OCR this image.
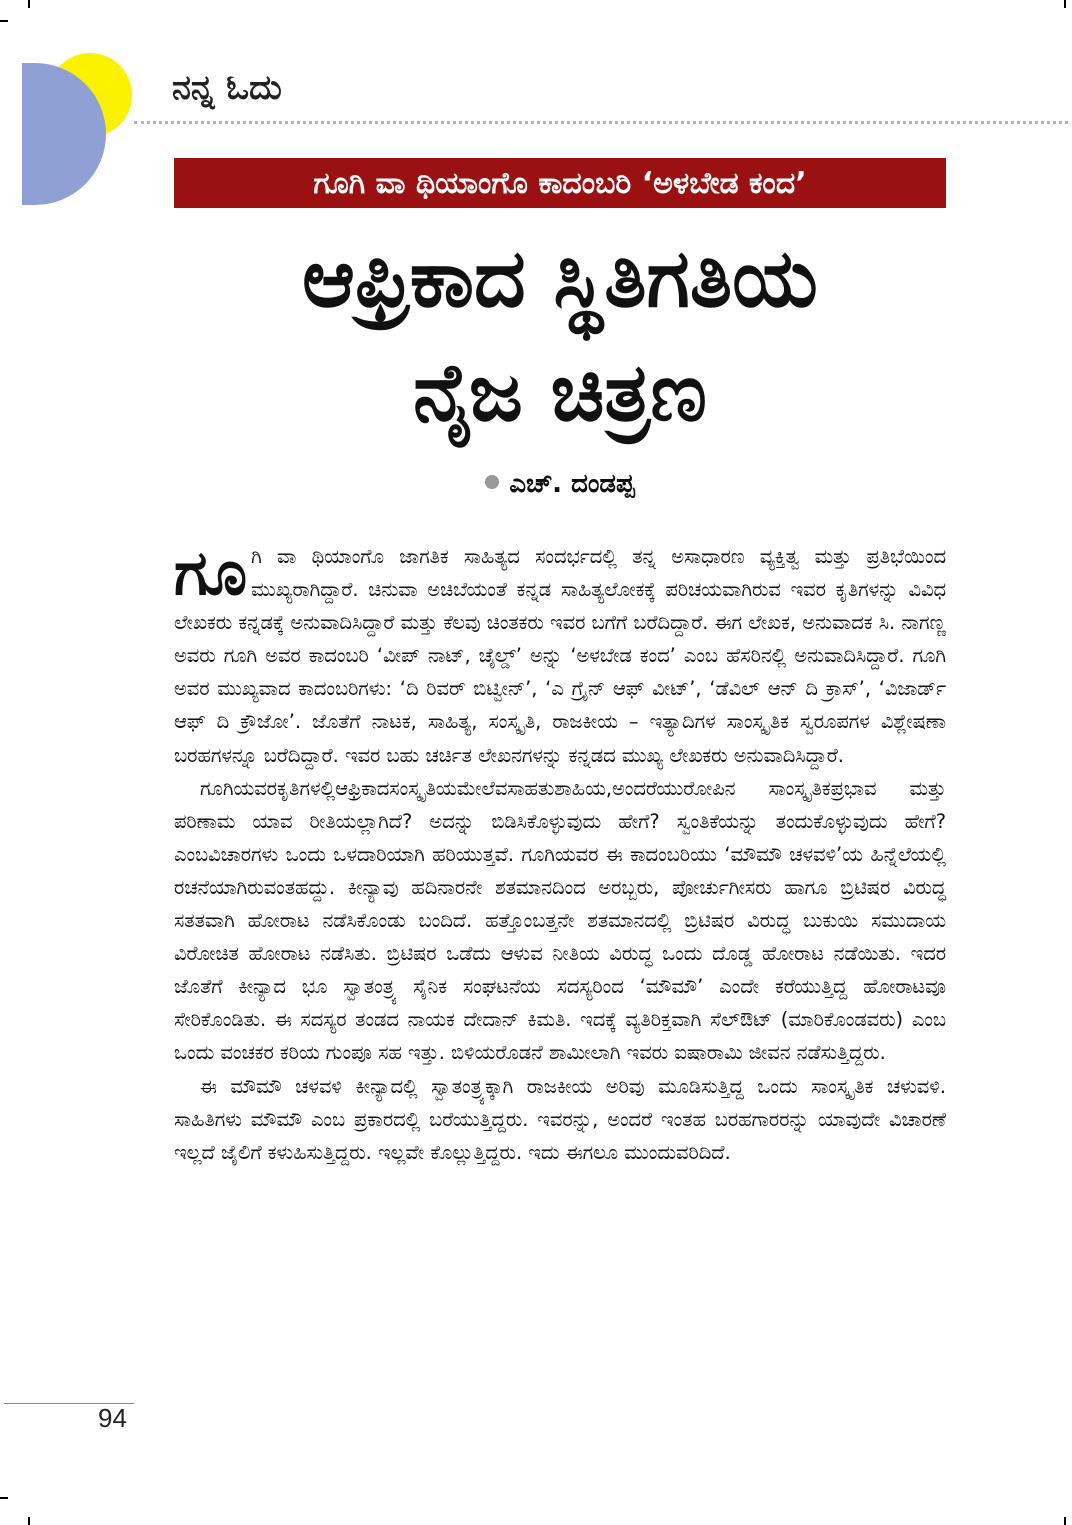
ನನ್ನ ಓದು
ಗೂಗಿ ವಾ ಥಿಯಾಂಗೊ ಕಾದಂಬರಿ ‘ಅಳಬೇಡ ಕಂದ’
ಆಫ್ರಿಕಾದ ಸ್ಥಿತಿಗತಿಯ
ನೈಜ ಚಿತ್ರಣ
ಎಚ್. ದಂಡಪ್ಪ

ಗೂಗಿ ವಾ ಥಿಯಾಂಗೊ ಜಾಗತಿಕ ಸಾಹಿತ್ಯದ ಸಂದರ್ಭದಲ್ಲಿ ತನ್ನ ಅಸಾಧಾರಣ ವ್ಯಕ್ತಿತ್ವ ಮತ್ತು ಪ್ರತಿಭೆಯಿಂದ ಮುಖ್ಯರಾಗಿದ್ದಾರೆ. ಚಿನುವಾ ಅಚಿಬೆಯಂತೆ ಕನ್ನಡ ಸಾಹಿತ್ಯಲೋಕಕ್ಕೆ ಪರಿಚಯವಾಗಿರುವ ಇವರ ಕೃತಿಗಳನ್ನು ವಿವಿಧ ಲೇಖಕರು ಕನ್ನಡಕ್ಕೆ ಅನುವಾದಿಸಿದ್ದಾರೆ ಮತ್ತು ಕೆಲವು ಚಿಂತಕರು ಇವರ ಬಗೆಗೆ ಬರೆದಿದ್ದಾರೆ. ಈಗ ಲೇಖಕ, ಅನುವಾದಕ ಸಿ. ನಾಗಣ್ಣ ಅವರು ಗೂಗಿ ಅವರ ಕಾದಂಬರಿ ‘ವೀಪ್ ನಾಟ್, ಚೈಲ್ಡ್’ ಅನ್ನು ‘ಅಳಬೇಡ ಕಂದ’ ಎಂಬ ಹೆಸರಿನಲ್ಲಿ ಅನುವಾದಿಸಿದ್ದಾರೆ. ಗೂಗಿ ಅವರ ಮುಖ್ಯವಾದ ಕಾದಂಬರಿಗಳು: ‘ದಿ ರಿವರ್ ಬಿಟ್ವೀನ್’, ‘ಎ ಗ್ರೈನ್ ಆಫ್ ವೀಟ್’, ‘ಡೆವಿಲ್ ಆನ್ ದಿ ಕ್ರಾಸ್’, ‘ವಿಜಾರ್ಡ್ ಆಫ್ ದಿ ಕ್ರೌಜೋ’. ಜೊತೆಗೆ ನಾಟಕ, ಸಾಹಿತ್ಯ, ಸಂಸ್ಕೃತಿ, ರಾಜಕೀಯ – ಇತ್ಯಾದಿಗಳ ಸಾಂಸ್ಕೃತಿಕ ಸ್ವರೂಪಗಳ ವಿಶ್ಲೇಷಣಾ ಬರಹಗಳನ್ನೂ ಬರೆದಿದ್ದಾರೆ. ಇವರ ಬಹು ಚರ್ಚಿತ ಲೇಖನಗಳನ್ನು ಕನ್ನಡದ ಮುಖ್ಯ ಲೇಖಕರು ಅನುವಾದಿಸಿದ್ದಾರೆ.

ಗೂಗಿಯವರಕೃತಿಗಳಲ್ಲಿಆಫ್ರಿಕಾದಸಂಸ್ಕೃತಿಯಮೇಲೆವಸಾಹತುಶಾಹಿಯ,ಅಂದರೆಯುರೋಪಿನ ಸಾಂಸ್ಕೃತಿಕಪ್ರಭಾವ ಮತ್ತು ಪರಿಣಾಮ ಯಾವ ರೀತಿಯಲ್ಲಾಗಿದೆ? ಅದನ್ನು ಬಿಡಿಸಿಕೊಳ್ಳುವುದು ಹೇಗೆ? ಸ್ವಂತಿಕೆಯನ್ನು ತಂದುಕೊಳ್ಳುವುದು ಹೇಗೆ? ಎಂಬವಿಚಾರಗಳು ಒಂದು ಒಳದಾರಿಯಾಗಿ ಹರಿಯುತ್ತವೆ. ಗೂಗಿಯವರ ಈ ಕಾದಂಬರಿಯು ‘ಮೌಮೌ ಚಳವಳಿ’ಯ ಹಿನ್ನೆಲೆಯಲ್ಲಿ ರಚನೆಯಾಗಿರುವಂತಹದ್ದು. ಕೀನ್ಯಾವು ಹದಿನಾರನೇ ಶತಮಾನದಿಂದ ಅರಬ್ಬರು, ಪೋರ್ಚುಗೀಸರು ಹಾಗೂ ಬ್ರಿಟಿಷರ ವಿರುದ್ಧ ಸತತವಾಗಿ ಹೋರಾಟ ನಡೆಸಿಕೊಂಡು ಬಂದಿದೆ. ಹತ್ತೊಂಬತ್ತನೇ ಶತಮಾನದಲ್ಲಿ ಬ್ರಿಟಿಷರ ವಿರುದ್ಧ ಬುಕುಯಿ ಸಮುದಾಯ ವಿರೋಚಿತ ಹೋರಾಟ ನಡೆಸಿತು. ಬ್ರಿಟಿಷರ ಒಡೆದು ಆಳುವ ನೀತಿಯ ವಿರುದ್ಧ ಒಂದು ದೊಡ್ಡ ಹೋರಾಟ ನಡೆಯಿತು. ಇದರ ಜೊತೆಗೆ ಕೀನ್ಯಾದ ಭೂ ಸ್ವಾತಂತ್ರ್ಯ ಸೈನಿಕ ಸಂಘಟನೆಯ ಸದಸ್ಯರಿಂದ ‘ಮೌಮೌ’ ಎಂದೇ ಕರೆಯುತ್ತಿದ್ದ ಹೋರಾಟವೂ ಸೇರಿಕೊಂಡಿತು. ಈ ಸದಸ್ಯರ ತಂಡದ ನಾಯಕ ದೇದಾನ್ ಕಿಮತಿ. ಇದಕ್ಕೆ ವ್ಯತಿರಿಕ್ತವಾಗಿ ಸೆಲ್‌ಔಟ್ (ಮಾರಿಕೊಂಡವರು) ಎಂಬ ಒಂದು ವಂಚಕರ ಕರಿಯ ಗುಂಪೂ ಸಹ ಇತ್ತು. ಬಿಳಿಯರೊಡನೆ ಶಾಮೀಲಾಗಿ ಇವರು ಐಷಾರಾಮಿ ಜೀವನ ನಡೆಸುತ್ತಿದ್ದರು.

ಈ ಮೌಮೌ ಚಳವಳಿ ಕೀನ್ಯಾದಲ್ಲಿ ಸ್ವಾತಂತ್ರ್ಯಕ್ಕಾಗಿ ರಾಜಕೀಯ ಅರಿವು ಮೂಡಿಸುತ್ತಿದ್ದ ಒಂದು ಸಾಂಸ್ಕೃತಿಕ ಚಳುವಳಿ. ಸಾಹಿತಿಗಳು ಮೌಮೌ ಎಂಬ ಪ್ರಕಾರದಲ್ಲಿ ಬರೆಯುತ್ತಿದ್ದರು. ಇವರನ್ನು, ಅಂದರೆ ಇಂತಹ ಬರಹಗಾರರನ್ನು ಯಾವುದೇ ವಿಚಾರಣೆ ಇಲ್ಲದೆ ಜೈಲಿಗೆ ಕಳುಹಿಸುತ್ತಿದ್ದರು. ಇಲ್ಲವೇ ಕೊಲ್ಲುತ್ತಿದ್ದರು. ಇದು ಈಗಲೂ ಮುಂದುವರಿದಿದೆ.

94
